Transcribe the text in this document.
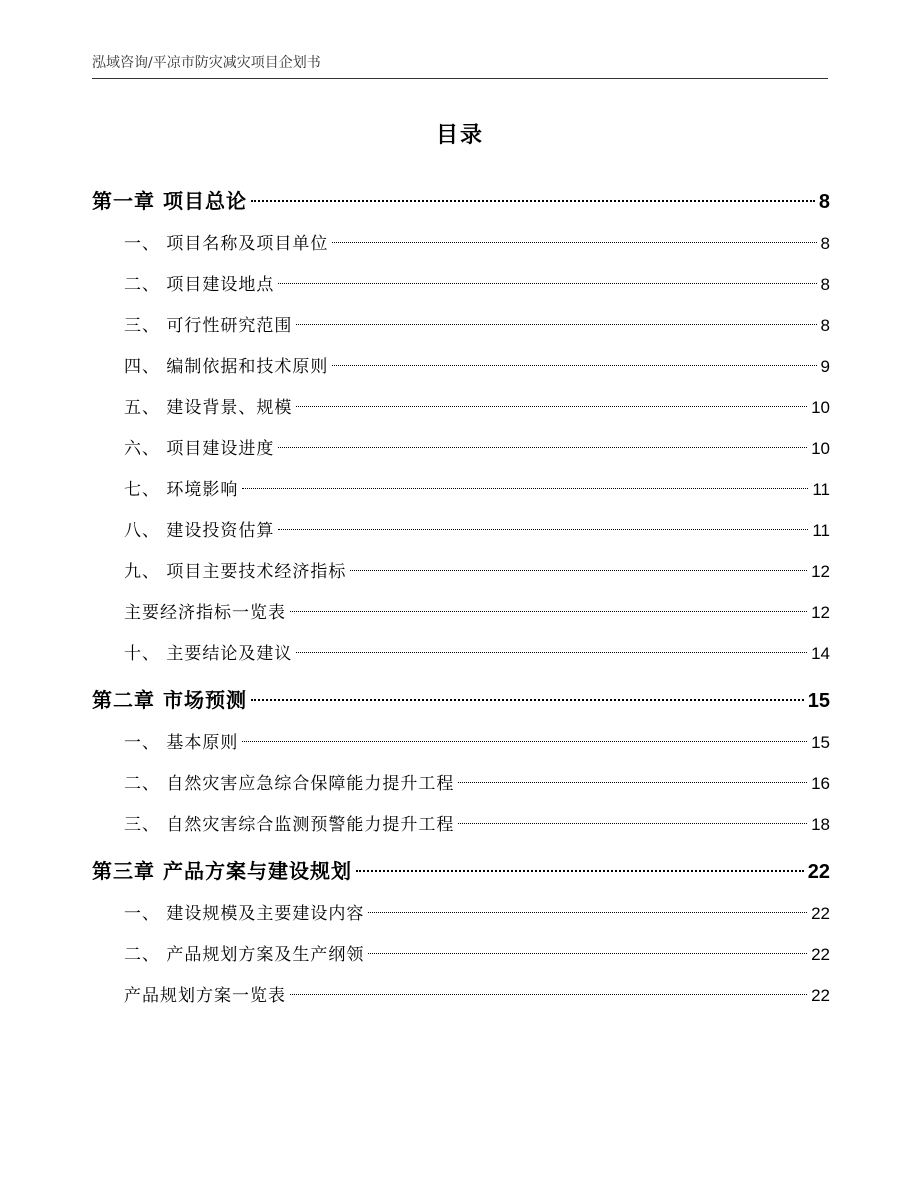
泓域咨询/平凉市防灾减灾项目企划书
目录
第一章 项目总论	8
一、 项目名称及项目单位	8
二、 项目建设地点	8
三、 可行性研究范围	8
四、 编制依据和技术原则	9
五、 建设背景、规模	10
六、 项目建设进度	10
七、 环境影响	11
八、 建设投资估算	11
九、 项目主要技术经济指标	12
主要经济指标一览表	12
十、 主要结论及建议	14
第二章 市场预测	15
一、 基本原则	15
二、 自然灾害应急综合保障能力提升工程	16
三、 自然灾害综合监测预警能力提升工程	18
第三章 产品方案与建设规划	22
一、 建设规模及主要建设内容	22
二、 产品规划方案及生产纲领	22
产品规划方案一览表	22
